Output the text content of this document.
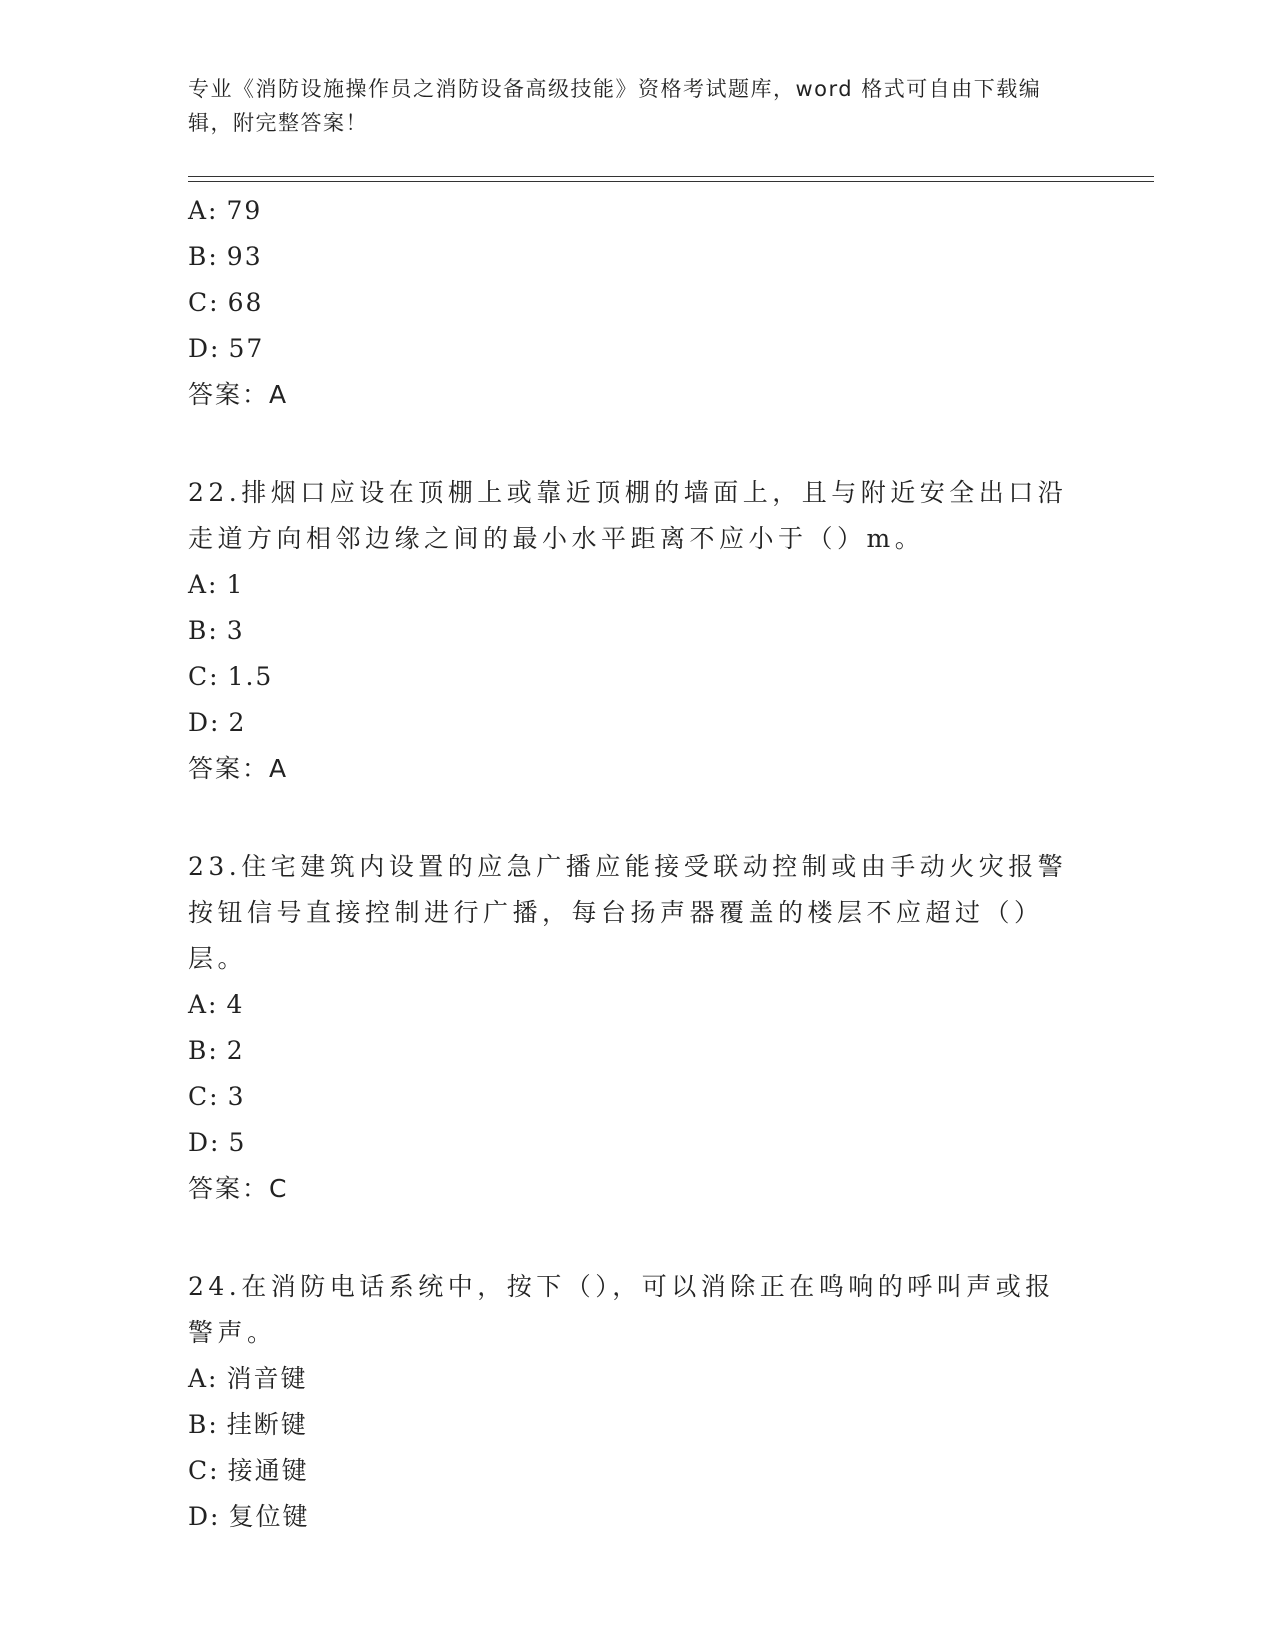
专业《消防设施操作员之消防设备高级技能》资格考试题库，word 格式可自由下载编辑，附完整答案！
A: 79
B: 93
C: 68
D: 57
答案：A
22.排烟口应设在顶棚上或靠近顶棚的墙面上，且与附近安全出口沿走道方向相邻边缘之间的最小水平距离不应小于（）m。
A: 1
B: 3
C: 1.5
D: 2
答案：A
23.住宅建筑内设置的应急广播应能接受联动控制或由手动火灾报警按钮信号直接控制进行广播，每台扬声器覆盖的楼层不应超过（）层。
A: 4
B: 2
C: 3
D: 5
答案：C
24.在消防电话系统中，按下（），可以消除正在鸣响的呼叫声或报警声。
A: 消音键
B: 挂断键
C: 接通键
D: 复位键
